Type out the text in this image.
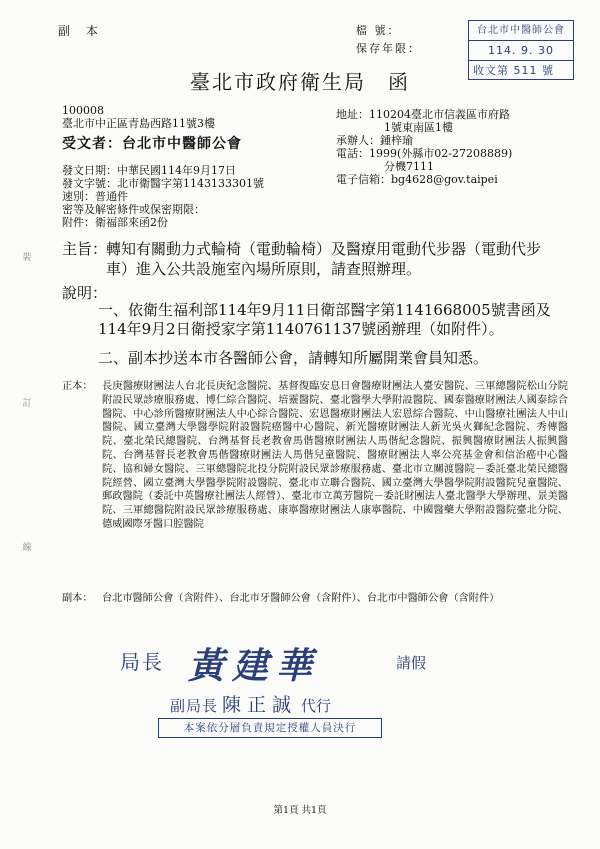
副 本	檔 號：
保存年限：
台北市中醫師公會
114. 9. 30
收文第 511 號
臺北市政府衛生局　函
100008
臺北市中正區青島西路11號3樓
受文者：台北市中醫師公會
地址：110204臺北市信義區市府路
1號東南區1樓
承辦人：鍾梓瑜
電話：1999(外縣市02-27208889)
分機7111
電子信箱：bg4628@gov.taipei
發文日期：中華民國114年9月17日
發文字號：北市衛醫字第1143133301號
速別：普通件
密等及解密條件或保密期限：
附件：衛福部來函2份
主旨：
轉知有關動力式輪椅（電動輪椅）及醫療用電動代步器（電動代步車）進入公共設施室內場所原則，請查照辦理。
說明：
一、依衛生福利部114年9月11日衛部醫字第1141668005號書函及114年9月2日衛授家字第1140761137號函辦理（如附件）。
二、副本抄送本市各醫師公會，請轉知所屬開業會員知悉。
正本： 長庚醫療財團法人台北長庚紀念醫院、基督復臨安息日會醫療財團法人臺安醫院、三軍總醫院松山分院附設民眾診療服務處、博仁綜合醫院、培靈醫院、臺北醫學大學附設醫院、國泰醫療財團法人國泰綜合醫院、中心診所醫療財團法人中心綜合醫院、宏恩醫療財團法人宏恩綜合醫院、中山醫療社團法人中山醫院、國立臺灣大學醫學院附設醫院癌醫中心醫院、新光醫療財團法人新光吳火獅紀念醫院、秀傳醫院、臺北榮民總醫院、台灣基督長老教會馬偕醫療財團法人馬偕紀念醫院、振興醫療財團法人振興醫院、台灣基督長老教會馬偕醫療財團法人馬偕兒童醫院、醫療財團法人辜公亮基金會和信治癌中心醫院、協和婦女醫院、三軍總醫院北投分院附設民眾診療服務處、臺北市立關渡醫院－委託臺北榮民總醫院經營、國立臺灣大學醫學院附設醫院、臺北市立聯合醫院、國立臺灣大學醫學院附設醫院兒童醫院、郵政醫院（委託中英醫療社團法人經營）、臺北市立萬芳醫院－委託財團法人臺北醫學大學辦理、景美醫院、三軍總醫院附設民眾診療服務處、康寧醫療財團法人康寧醫院、中國醫藥大學附設醫院臺北分院、德威國際牙醫口腔醫院
副本： 台北市醫師公會（含附件）、台北市牙醫師公會（含附件）、台北市中醫師公會（含附件）
局長 黃建華	請假
副局長 陳正誠 代行
本案依分層負責規定授權人員決行
第1頁 共1頁
裝
訂
線
